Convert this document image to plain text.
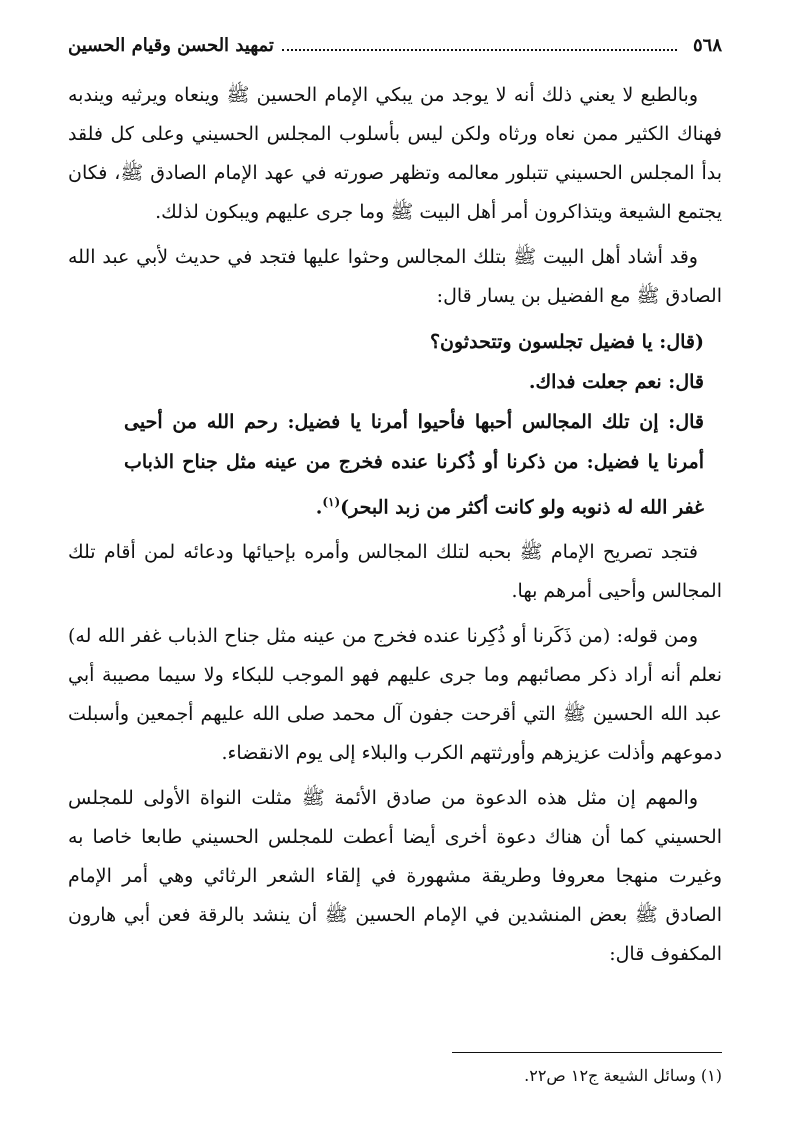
٥٦٨
تمهيد الحسن وقيام الحسين

وبالطبع لا يعني ذلك أنه لا يوجد من يبكي الإمام الحسين ﷺ وينعاه ويرثيه ويندبه فهناك الكثير ممن نعاه ورثاه ولكن ليس بأسلوب المجلس الحسيني وعلى كل فلقد بدأ المجلس الحسيني تتبلور معالمه وتظهر صورته في عهد الإمام الصادق ﷺ، فكان يجتمع الشيعة ويتذاكرون أمر أهل البيت ﷺ وما جرى عليهم ويبكون لذلك.

وقد أشاد أهل البيت ﷺ بتلك المجالس وحثوا عليها فتجد في حديث لأبي عبد الله الصادق ﷺ مع الفضيل بن يسار قال:

(قال: يا فضيل تجلسون وتتحدثون؟

قال: نعم جعلت فداك.

قال: إن تلك المجالس أحبها فأحيوا أمرنا يا فضيل: رحم الله من أحيى أمرنا يا فضيل: من ذكرنا أو ذُكرنا عنده فخرج من عينه مثل جناح الذباب غفر الله له ذنوبه ولو كانت أكثر من زبد البحر)$^{(١)}$.

فتجد تصريح الإمام ﷺ بحبه لتلك المجالس وأمره بإحيائها ودعائه لمن أقام تلك المجالس وأحيى أمرهم بها.

ومن قوله: (من ذَكَرنا أو ذُكِرنا عنده فخرج من عينه مثل جناح الذباب غفر الله له) نعلم أنه أراد ذكر مصائبهم وما جرى عليهم فهو الموجب للبكاء ولا سيما مصيبة أبي عبد الله الحسين ﷺ التي أقرحت جفون آل محمد صلى الله عليهم أجمعين وأسبلت دموعهم وأذلت عزيزهم وأورثتهم الكرب والبلاء إلى يوم الانقضاء.

والمهم إن مثل هذه الدعوة من صادق الأئمة ﷺ مثلت النواة الأولى للمجلس الحسيني كما أن هناك دعوة أخرى أيضا أعطت للمجلس الحسيني طابعا خاصا به وغيرت منهجا معروفا وطريقة مشهورة في إلقاء الشعر الرثائي وهي أمر الإمام الصادق ﷺ بعض المنشدين في الإمام الحسين ﷺ أن ينشد بالرقة فعن أبي هارون المكفوف قال:

(١) وسائل الشيعة ج١٢ ص٢٢.
